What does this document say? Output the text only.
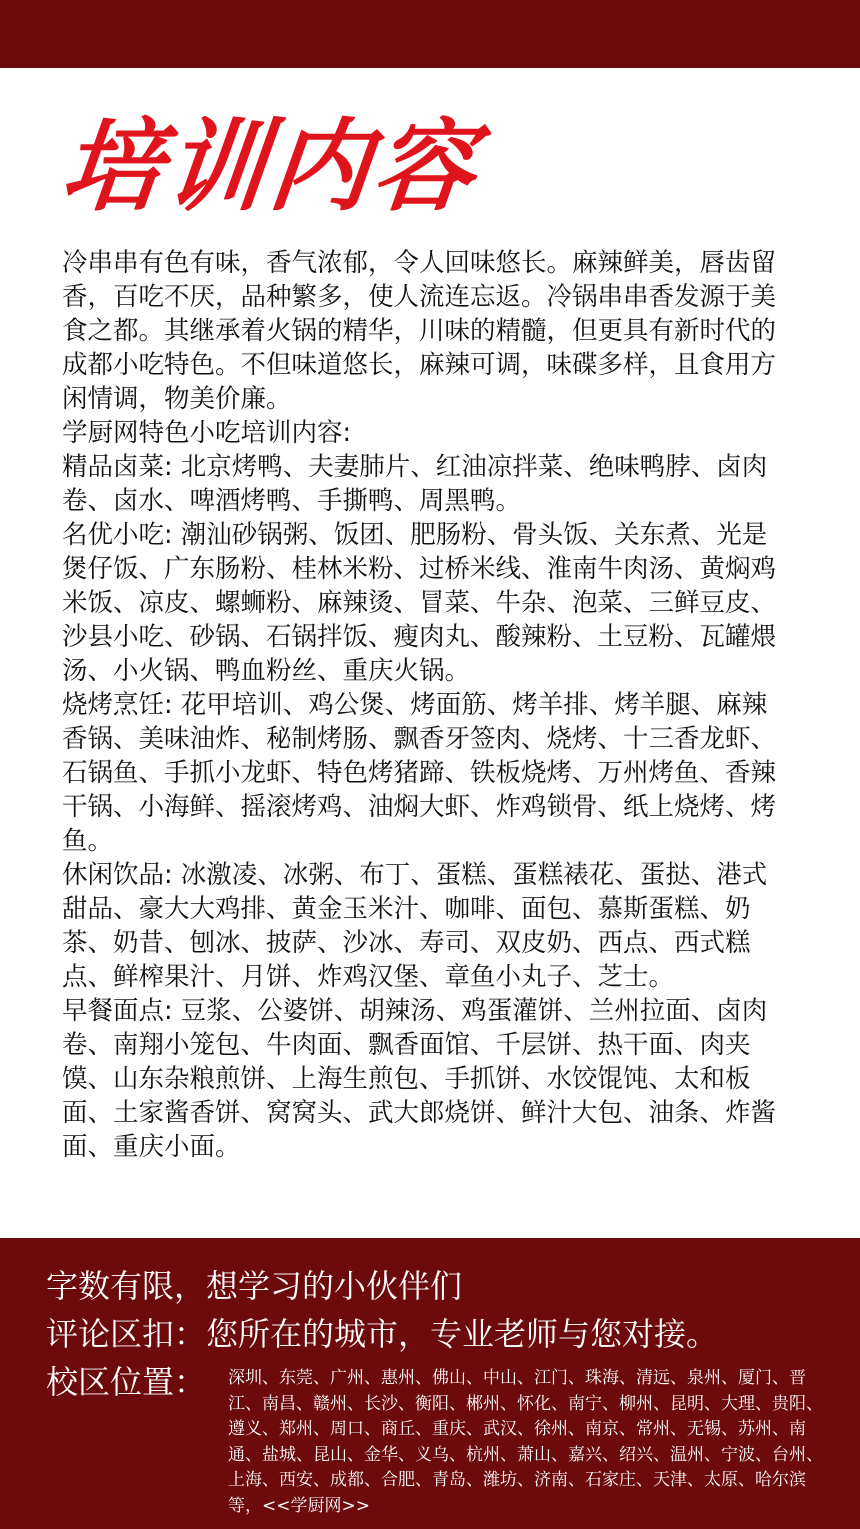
培训内容

冷串串有色有味，香气浓郁，令人回味悠长。麻辣鲜美，唇齿留香，百吃不厌，品种繁多，使人流连忘返。冷锅串串香发源于美食之都。其继承着火锅的精华，川味的精髓，但更具有新时代的成都小吃特色。不但味道悠长，麻辣可调，味碟多样，且食用方闲情调，物美价廉。

学厨网特色小吃培训内容:

精品卤菜: 北京烤鸭、夫妻肺片、红油凉拌菜、绝味鸭脖、卤肉卷、卤水、啤酒烤鸭、手撕鸭、周黑鸭。

名优小吃: 潮汕砂锅粥、饭团、肥肠粉、骨头饭、关东煮、光是煲仔饭、广东肠粉、桂林米粉、过桥米线、淮南牛肉汤、黄焖鸡米饭、凉皮、螺蛳粉、麻辣烫、冒菜、牛杂、泡菜、三鲜豆皮、沙县小吃、砂锅、石锅拌饭、瘦肉丸、酸辣粉、土豆粉、瓦罐煨汤、小火锅、鸭血粉丝、重庆火锅。

烧烤烹饪: 花甲培训、鸡公煲、烤面筋、烤羊排、烤羊腿、麻辣香锅、美味油炸、秘制烤肠、飘香牙签肉、烧烤、十三香龙虾、石锅鱼、手抓小龙虾、特色烤猪蹄、铁板烧烤、万州烤鱼、香辣干锅、小海鲜、摇滚烤鸡、油焖大虾、炸鸡锁骨、纸上烧烤、烤鱼。

休闲饮品: 冰激凌、冰粥、布丁、蛋糕、蛋糕裱花、蛋挞、港式甜品、豪大大鸡排、黄金玉米汁、咖啡、面包、慕斯蛋糕、奶茶、奶昔、刨冰、披萨、沙冰、寿司、双皮奶、西点、西式糕点、鲜榨果汁、月饼、炸鸡汉堡、章鱼小丸子、芝士。

早餐面点: 豆浆、公婆饼、胡辣汤、鸡蛋灌饼、兰州拉面、卤肉卷、南翔小笼包、牛肉面、飘香面馆、千层饼、热干面、肉夹馍、山东杂粮煎饼、上海生煎包、手抓饼、水饺馄饨、太和板面、土家酱香饼、窝窝头、武大郎烧饼、鲜汁大包、油条、炸酱面、重庆小面。

字数有限，想学习的小伙伴们
评论区扣：您所在的城市，专业老师与您对接。
校区位置： 深圳、东莞、广州、惠州、佛山、中山、江门、珠海、清远、泉州、厦门、晋江、南昌、赣州、长沙、衡阳、郴州、怀化、南宁、柳州、昆明、大理、贵阳、遵义、郑州、周口、商丘、重庆、武汉、徐州、南京、常州、无锡、苏州、南通、盐城、昆山、金华、义乌、杭州、萧山、嘉兴、绍兴、温州、宁波、台州、上海、西安、成都、合肥、青岛、潍坊、济南、石家庄、天津、太原、哈尔滨等，<<学厨网>>
